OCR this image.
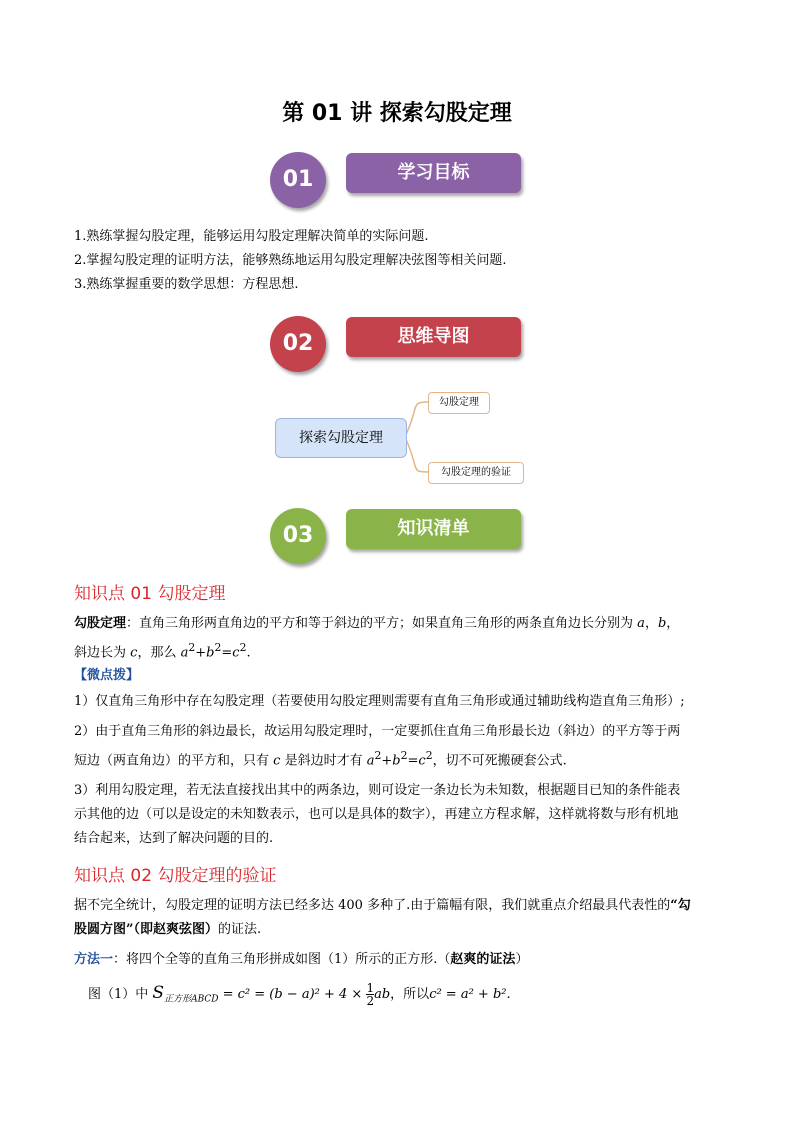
第 01 讲 探索勾股定理
01	学习目标
1.熟练掌握勾股定理，能够运用勾股定理解决简单的实际问题.
2.掌握勾股定理的证明方法，能够熟练地运用勾股定理解决弦图等相关问题.
3.熟练掌握重要的数学思想：方程思想.
02	思维导图
探索勾股定理
勾股定理
勾股定理的验证
03	知识清单
知识点 01 勾股定理
勾股定理：直角三角形两直角边的平方和等于斜边的平方；如果直角三角形的两条直角边长分别为 a，b，
斜边长为 c，那么 $a^2+b^2=c^2$.
【微点拨】
1）仅直角三角形中存在勾股定理（若要使用勾股定理则需要有直角三角形或通过辅助线构造直角三角形）;
2）由于直角三角形的斜边最长，故运用勾股定理时，一定要抓住直角三角形最长边（斜边）的平方等于两
短边（两直角边）的平方和，只有 c 是斜边时才有 $a^2+b^2=c^2$，切不可死搬硬套公式.
3）利用勾股定理，若无法直接找出其中的两条边，则可设定一条边长为未知数，根据题目已知的条件能表
示其他的边（可以是设定的未知数表示，也可以是具体的数字），再建立方程求解，这样就将数与形有机地
结合起来，达到了解决问题的目的.
知识点 02 勾股定理的验证
据不完全统计，勾股定理的证明方法已经多达 400 多种了.由于篇幅有限，我们就重点介绍最具代表性的“勾
股圆方图”（即赵爽弦图）的证法.
方法一：将四个全等的直角三角形拼成如图（1）所示的正方形.（赵爽的证法）
图（1）中 $S_{正方形ABCD} = c^2 = (b - a)^2 + 4 \times \frac{1}{2}$ ab，所以c² = a² + b².
